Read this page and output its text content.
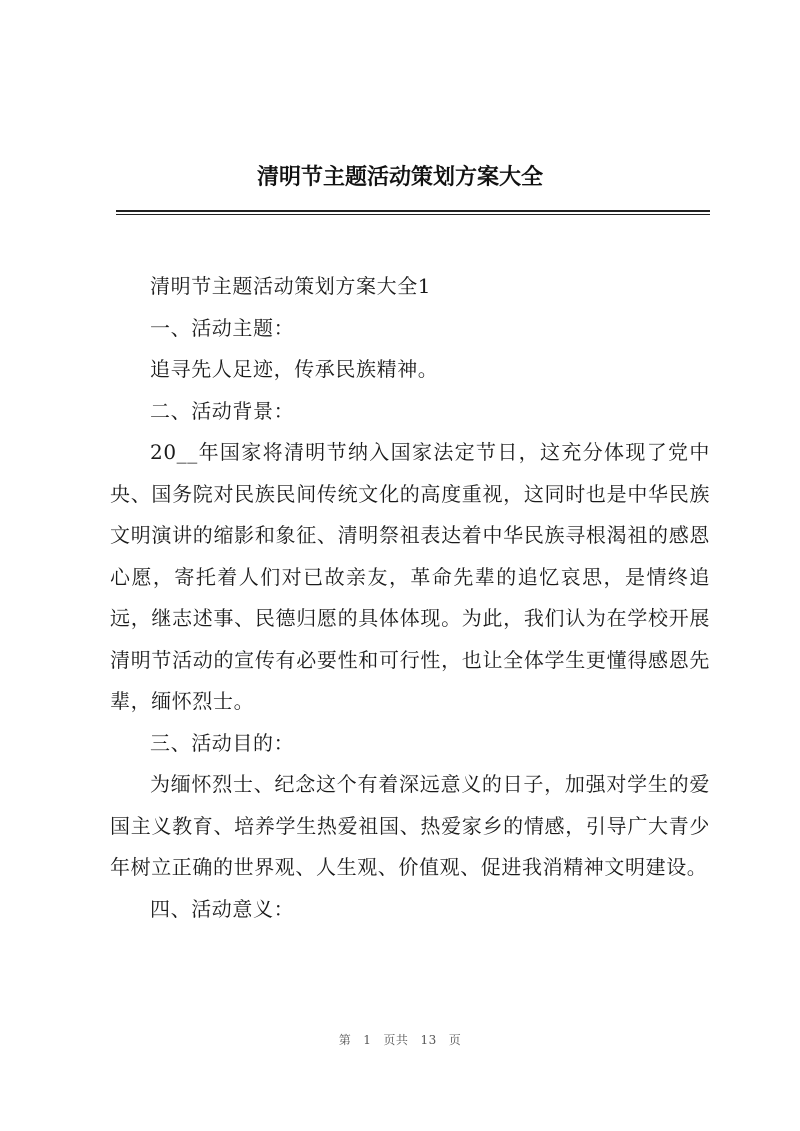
清明节主题活动策划方案大全

清明节主题活动策划方案大全1

一、活动主题：

追寻先人足迹，传承民族精神。

二、活动背景：

20__年国家将清明节纳入国家法定节日，这充分体现了党中央、国务院对民族民间传统文化的高度重视，这同时也是中华民族文明演讲的缩影和象征、清明祭祖表达着中华民族寻根渴祖的感恩心愿，寄托着人们对已故亲友，革命先辈的追忆哀思，是情终追远，继志述事、民德归愿的具体体现。为此，我们认为在学校开展清明节活动的宣传有必要性和可行性，也让全体学生更懂得感恩先辈，缅怀烈士。

三、活动目的：

为缅怀烈士、纪念这个有着深远意义的日子，加强对学生的爱国主义教育、培养学生热爱祖国、热爱家乡的情感，引导广大青少年树立正确的世界观、人生观、价值观、促进我消精神文明建设。

四、活动意义：

第 1 页共 13 页
